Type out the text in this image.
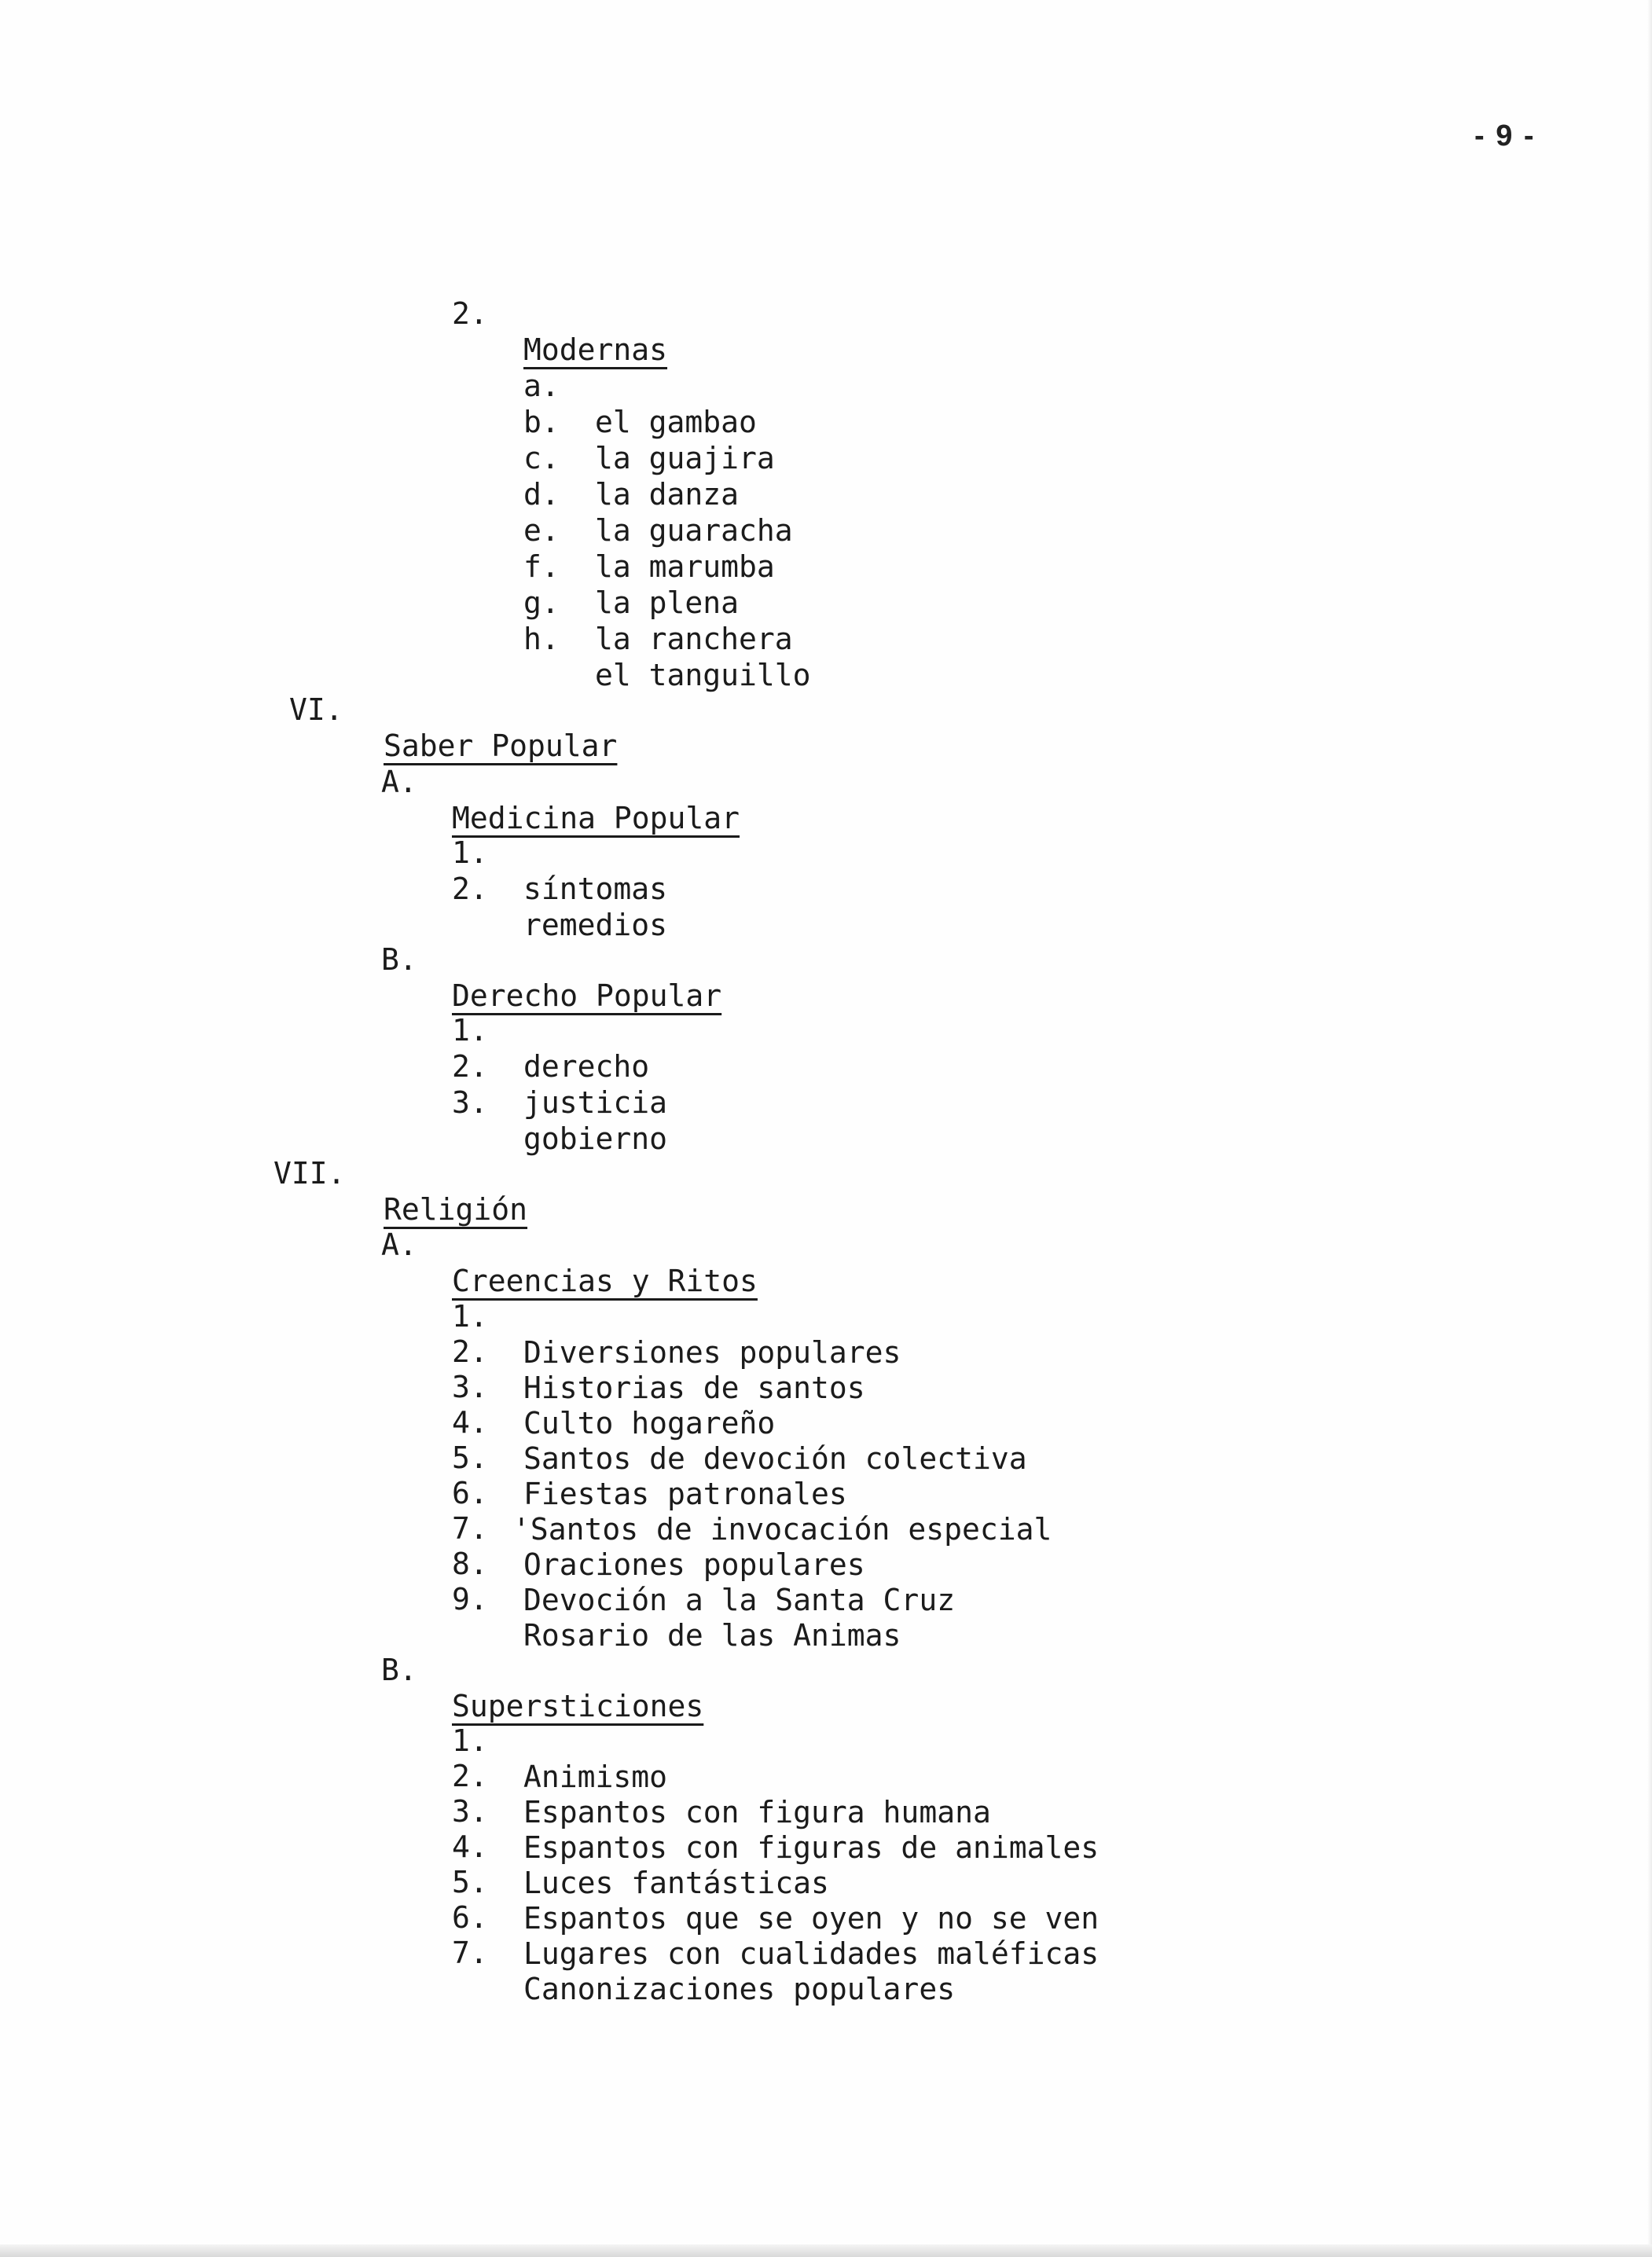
- 9 -

2.

Modernas

a.

el gambao

b.

la guajira

c.

la danza

d.

la guaracha

e.

la marumba

f.

la plena

g.

la ranchera

h.

el tanguillo

VI.

Saber Popular

A.

Medicina Popular

1.

síntomas

2.

remedios

B.

Derecho Popular

1.

derecho

2.

justicia

3.

gobierno

VII.

Religión

A.

Creencias y Ritos

1.

Diversiones populares

2.

Historias de santos

3.

Culto hogareño

4.

Santos de devoción colectiva

5.

Fiestas patronales

6.

'Santos de invocación especial

7.

Oraciones populares

8.

Devoción a la Santa Cruz

9.

Rosario de las Animas

B.

Supersticiones

1.

Animismo

2.

Espantos con figura humana

3.

Espantos con figuras de animales

4.

Luces fantásticas

5.

Espantos que se oyen y no se ven

6.

Lugares con cualidades maléficas

7.

Canonizaciones populares
